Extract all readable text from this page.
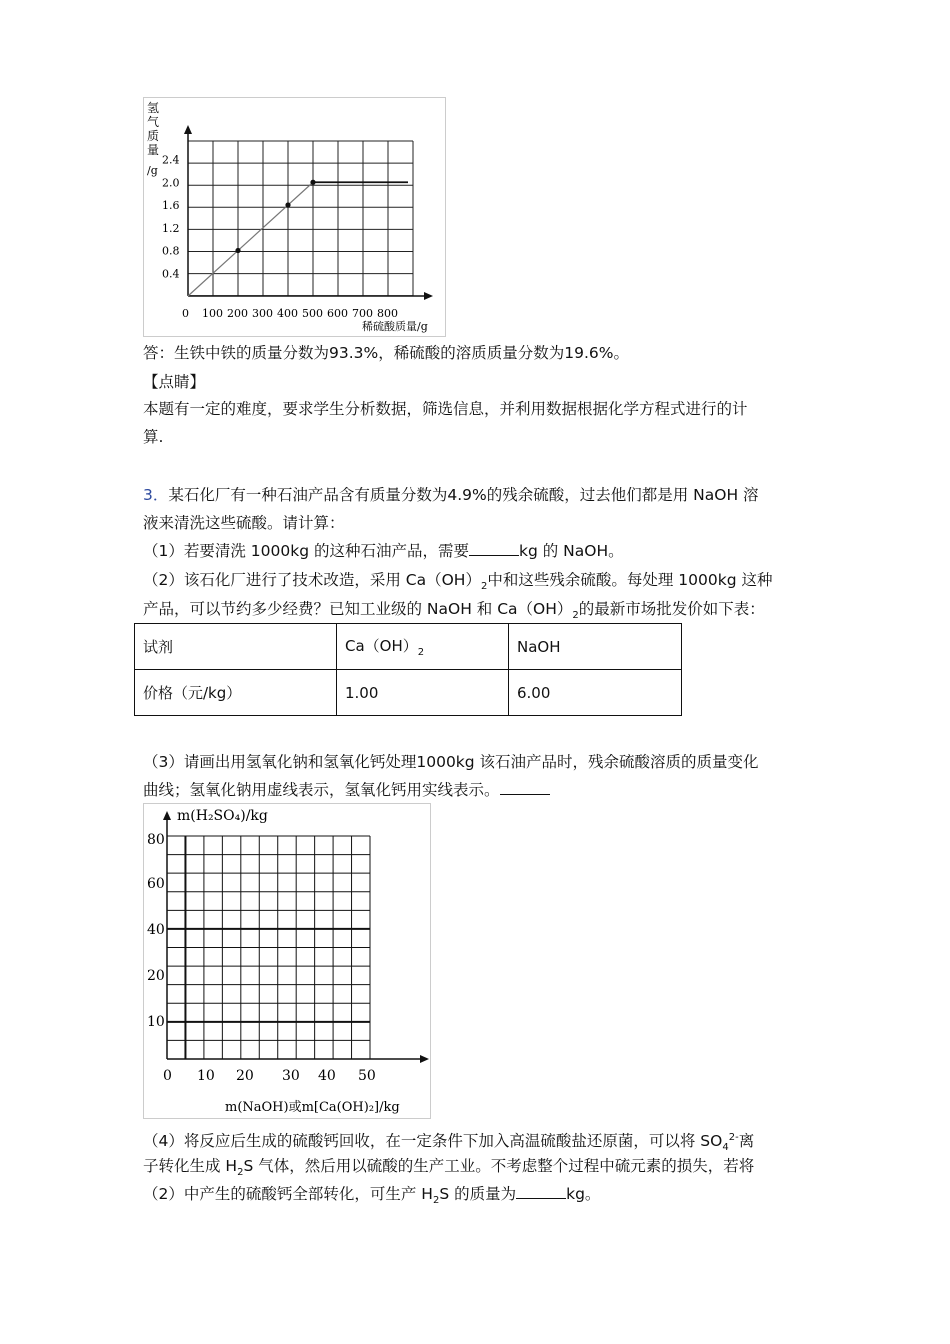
0 100 200 300 400 500 600 700 800
0.4
0.8
1.2
1.6
2.0
2.4
氢
气
质
量
/g
稀硫酸质量/g
答：生铁中铁的质量分数为93.3%，稀硫酸的溶质质量分数为19.6%。
【点睛】
本题有一定的难度，要求学生分析数据，筛选信息，并利用数据根据化学方程式进行的计
算.
3．某石化厂有一种石油产品含有质量分数为4.9%的残余硫酸，过去他们都是用 NaOH 溶
液来清洗这些硫酸。请计算：
（1）若要清洗 1000kg 的这种石油产品，需要	kg 的 NaOH。
（2）该石化厂进行了技术改造，采用 $Ca(OH)_2$中和这些残余硫酸。每处理 1000kg 这种
产品，可以节约多少经费？已知工业级的 NaOH 和 $Ca(OH)_2$的最新市场批发价如下表：
试剂	$Ca(OH)_2$	NaOH
价格（元/kg）	1.00	6.00
（3）请画出用氢氧化钠和氢氧化钙处理1000kg 该石油产品时，残余硫酸溶质的质量变化
曲线；氢氧化钠用虚线表示，氢氧化钙用实线表示。
0 10 20 30 40 50
10
20
40
60
80
m(H₂SO₄)/kg
m(NaOH)或m[Ca(OH)₂]/kg
（4）将反应后生成的硫酸钙回收，在一定条件下加入高温硫酸盐还原菌，可以将 $SO_4^{2-}$离
子转化生成 $H_2S$ 气体，然后用以硫酸的生产工业。不考虑整个过程中硫元素的损失，若将
（2）中产生的硫酸钙全部转化，可生产 $H_2S$ 的质量为	kg。
